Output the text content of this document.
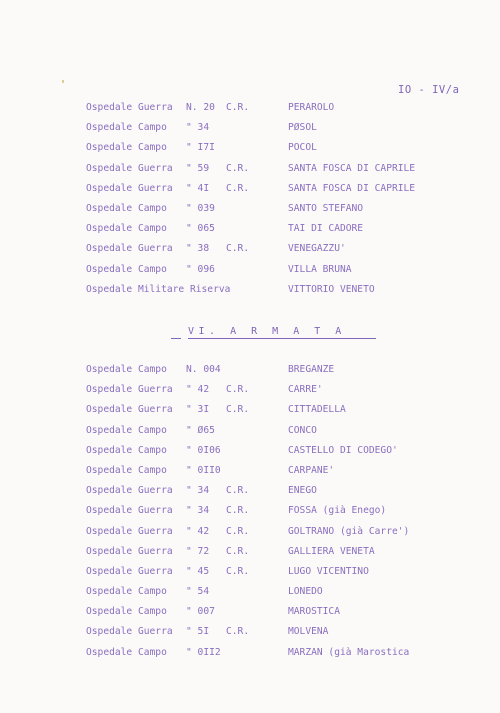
IO - IV/a
Ospedale Guerra N. 20 C.R.	PERAROLO
Ospedale Campo " 34	PØSOL
Ospedale Campo " I7I	POCOL
Ospedale Guerra " 59 C.R.	SANTA FOSCA DI CAPRILE
Ospedale Guerra " 4I C.R.	SANTA FOSCA DI CAPRILE
Ospedale Campo " 039	SANTO STEFANO
Ospedale Campo " 065	TAI DI CADORE
Ospedale Guerra " 38 C.R.	VENEGAZZU'
Ospedale Campo " 096	VILLA BRUNA
Ospedale Militare Riserva	VITTORIO VENETO
VI. A R M A T A
Ospedale Campo N. 004	BREGANZE
Ospedale Guerra " 42 C.R.	CARRE'
Ospedale Guerra " 3I C.R.	CITTADELLA
Ospedale Campo " Ø65	CONCO
Ospedale Campo " 0I06	CASTELLO DI CODEGO'
Ospedale Campo " 0II0	CARPANE'
Ospedale Guerra " 34 C.R.	ENEGO
Ospedale Guerra " 34 C.R.	FOSSA (già Enego)
Ospedale Guerra " 42 C.R.	GOLTRANO (già Carre')
Ospedale Guerra " 72 C.R.	GALLIERA VENETA
Ospedale Guerra " 45 C.R.	LUGO VICENTINO
Ospedale Campo " 54	LONEDO
Ospedale Campo " 007	MAROSTICA
Ospedale Guerra " 5I C.R.	MOLVENA
Ospedale Campo " 0II2	MARZAN (già Marostica
